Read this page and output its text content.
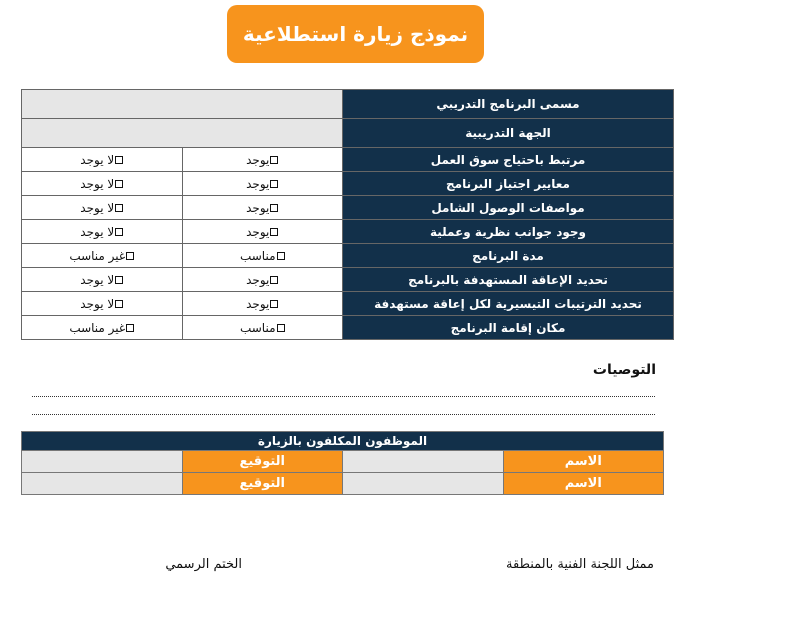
نموذج زيارة استطلاعية
مسمى البرنامج التدريبي		
الجهة التدريبية		
مرتبط باحتياج سوق العمل	يوجد	لا يوجد

معايير اجتياز البرنامج	يوجد	لا يوجد

مواصفات الوصول الشامل	يوجد	لا يوجد

وجود جوانب نظرية وعملية	يوجد	لا يوجد

مدة البرنامج	مناسب	غير مناسب

تحديد الإعاقة المستهدفة بالبرنامج	يوجد	لا يوجد

تحديد الترتيبات التيسيرية لكل إعاقة مستهدفة	يوجد	لا يوجد

مكان إقامة البرنامج	مناسب	غير مناسب
التوصيات
الموظفون المكلفون بالزيارة			
الاسم		التوقيع	
الاسم		التوقيع	
ممثل اللجنة الفنية بالمنطقة
الختم الرسمي
